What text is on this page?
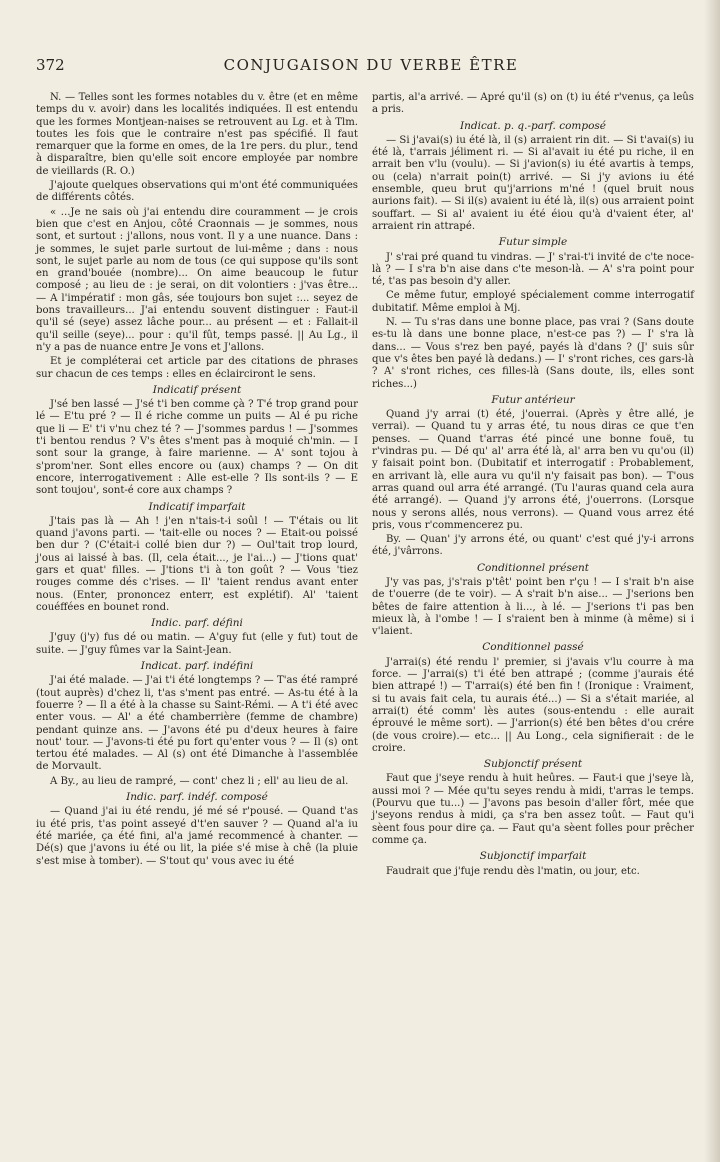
CONJUGAISON DU VERBE ÊTRE
372

N. — Telles sont les formes notables du v. être (et en même temps du v. avoir) dans les localités indiquées. Il est entendu que les formes Montjean-naises se retrouvent au Lg. et à Tlm. toutes les fois que le contraire n'est pas spécifié. Il faut remarquer que la forme en omes, de la 1re pers. du plur., tend à disparaître, bien qu'elle soit encore employée par nombre de vieillards (R. O.)

J'ajoute quelques observations qui m'ont été communiquées de différents côtés.

« ...Je ne sais où j'ai entendu dire couramment — je crois bien que c'est en Anjou, côté Craonnais — je sommes, nous sont, et surtout : j'allons, nous vont. Il y a une nuance. Dans : je sommes, le sujet parle surtout de lui-même ; dans : nous sont, le sujet parle au nom de tous (ce qui suppose qu'ils sont en grand'bouée (nombre)... On aime beaucoup le futur composé ; au lieu de : je serai, on dit volontiers : j'vas être... — A l'impératif : mon gâs, sée toujours bon sujet :... seyez de bons travailleurs... J'ai entendu souvent distinguer : Faut-il qu'il sé (seye) assez lâche pour... au présent — et : Fallait-il qu'il seille (seye)... pour : qu'il fût, temps passé. || Au Lg., il n'y a pas de nuance entre Je vons et J'allons.

Et je compléterai cet article par des citations de phrases sur chacun de ces temps : elles en éclairciront le sens.

Indicatif présent

J'sé ben lassé — J'sé t'i ben comme çà ? T'é trop grand pour lé — E'tu pré ? — Il é riche comme un puits — Al é pu riche que li — E' t'i v'nu chez té ? — J'sommes pardus ! — J'sommes t'i bentou rendus ? V's êtes s'ment pas à moquié ch'min. — I sont sour la grange, à faire marienne. — A' sont tojou à s'prom'ner. Sont elles encore ou (aux) champs ? — On dit encore, interrogativement : Alle est-elle ? Ils sont-ils ? — E sont toujou', sont-é core aux champs ?

Indicatif imparfait

J'tais pas là — Ah ! j'en n'tais-t-i soûl ! — T'étais ou lit quand j'avons parti. — 'tait-elle ou noces ? — Etait-ou poissé ben dur ? (C'était-i collé bien dur ?) — Oul'tait trop lourd, j'ous ai laissé à bas. (Il, cela était..., je l'ai...) — J'tions quat' gars et quat' filles. — J'tions t'i à ton goût ? — Vous 'tiez rouges comme dés c'rises. — Il' 'taient rendus avant enter nous. (Enter, prononcez enterr, est explétif). Al' 'taient couéffées en bounet rond.

Indic. parf. défini

J'guy (j'y) fus dé ou matin. — A'guy fut (elle y fut) tout de suite. — J'guy fûmes var la Saint-Jean.

Indicat. parf. indéfini

J'ai été malade. — J'ai t'i été longtemps ? — T'as été rampré (tout auprès) d'chez li, t'as s'ment pas entré. — As-tu été à la fouerre ? — Il a été à la chasse su Saint-Rémi. — A t'i été avec enter vous. — Al' a été chamberrière (femme de chambre) pendant quinze ans. — J'avons été pu d'deux heures à faire nout' tour. — J'avons-ti été pu fort qu'enter vous ? — Il (s) ont tertou été malades. — Al (s) ont été Dimanche à l'assemblée de Morvault.

A By., au lieu de rampré, — cont' chez li ; ell' au lieu de al.

Indic. parf. indéf. composé

— Quand j'ai iu été rendu, jé mé sé r'pousé. — Quand t'as iu été pris, t'as point asseyé d't'en sauver ? — Quand al'a iu été mariée, ça été fini, al'a jamé recommencé à chanter. — Dé(s) que j'avons iu été ou lit, la piée s'é mise à chê (la pluie s'est mise à tomber). — S'tout qu' vous avec iu été

partis, al'a arrivé. — Apré qu'il (s) on (t) iu été r'venus, ça leûs a pris.

Indicat. p. q.-parf. composé

— Si j'avai(s) iu été là, il (s) arraient rin dit. — Si t'avai(s) iu été là, t'arrais jéliment ri. — Si al'avait iu été pu riche, il en arrait ben v'lu (voulu). — Si j'avion(s) iu été avartis à temps, ou (cela) n'arrait poin(t) arrivé. — Si j'y avions iu été ensemble, queu brut qu'j'arrions m'né ! (quel bruit nous aurions fait). — Si il(s) avaient iu été là, il(s) ous arraient point souffart. — Si al' avaient iu été éiou qu'à d'vaient éter, al' arraient rin attrapé.

Futur simple

J' s'rai pré quand tu vindras. — J' s'rai-t'i invité de c'te noce-là ? — I s'ra b'n aise dans c'te meson-là. — A' s'ra point pour té, t'as pas besoin d'y aller.

Ce même futur, employé spécialement comme interrogatif dubitatif. Même emploi à Mj.

N. — Tu s'ras dans une bonne place, pas vrai ? (Sans doute es-tu là dans une bonne place, n'est-ce pas ?) — I' s'ra là dans... — Vous s'rez ben payé, payés là d'dans ? (J' suis sûr que v's êtes ben payé là dedans.) — I' s'ront riches, ces gars-là ? A' s'ront riches, ces filles-là (Sans doute, ils, elles sont riches...)

Futur antérieur

Quand j'y arrai (t) été, j'ouerrai. (Après y être allé, je verrai). — Quand tu y arras été, tu nous diras ce que t'en penses. — Quand t'arras été pincé une bonne fouë, tu r'vindras pu. — Dé qu' al' arra été là, al' arra ben vu qu'ou (il) y faisait point bon. (Dubitatif et interrogatif : Probablement, en arrivant là, elle aura vu qu'il n'y faisait pas bon). — T'ous arras quand oul arra été arrangé. (Tu l'auras quand cela aura été arrangé). — Quand j'y arrons été, j'ouerrons. (Lorsque nous y serons allés, nous verrons). — Quand vous arrez été pris, vous r'commencerez pu.

By. — Quan' j'y arrons été, ou quant' c'est qué j'y-i arrons été, j'vârrons.

Conditionnel présent

J'y vas pas, j's'rais p'têt' point ben r'çu ! — I s'rait b'n aise de t'ouerre (de te voir). — A s'rait b'n aise... — J'serions ben bêtes de faire attention à li..., à lé. — J'serions t'i pas ben mieux là, à l'ombe ! — I s'raient ben à minme (à même) si i v'laient.

Conditionnel passé

J'arrai(s) été rendu l' premier, si j'avais v'lu courre à ma force. — J'arrai(s) t'i été ben attrapé ; (comme j'aurais été bien attrapé !) — T'arrai(s) été ben fin ! (Ironique : Vraiment, si tu avais fait cela, tu aurais été...) — Si a s'était mariée, al arrai(t) été comm' lès autes (sous-entendu : elle aurait éprouvé le même sort). — J'arrion(s) été ben bêtes d'ou crére (de vous croire).— etc... || Au Long., cela signifierait : de le croire.

Subjonctif présent

Faut que j'seye rendu à huit heûres. — Faut-i que j'seye là, aussi moi ? — Mée qu'tu seyes rendu à midi, t'arras le temps. (Pourvu que tu...) — J'avons pas besoin d'aller fôrt, mée que j'seyons rendus à midi, ça s'ra ben assez toût. — Faut qu'i sèent fous pour dire ça. — Faut qu'a sèent folles pour prêcher comme ça.

Subjonctif imparfait

Faudrait que j'fuje rendu dès l'matin, ou jour, etc.
